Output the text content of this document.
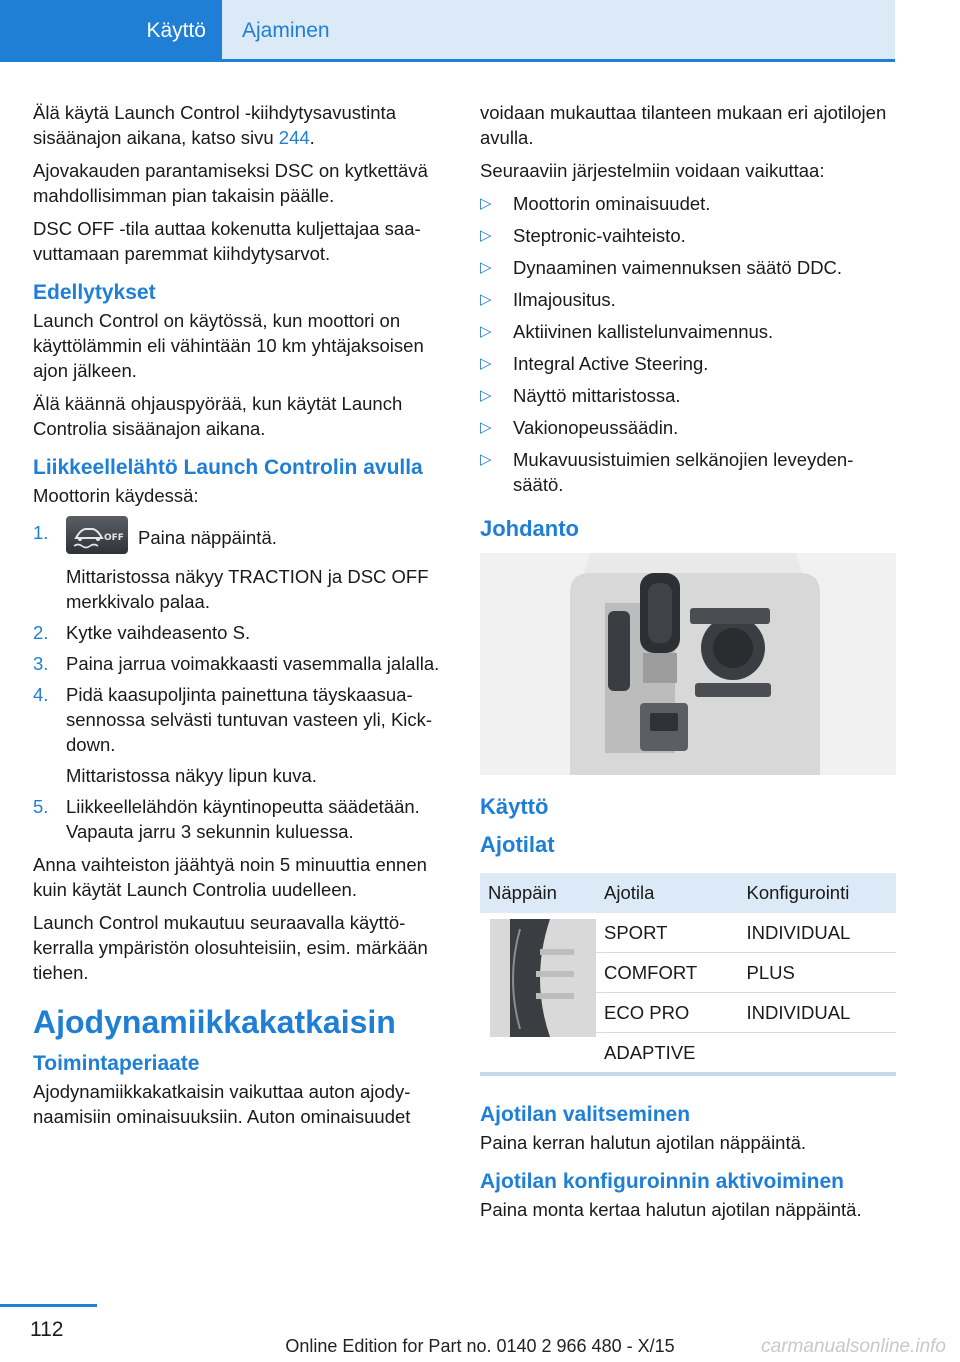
Käyttö	Ajaminen

Älä käytä Launch Control -kiihdytysavustinta sisäänajon aikana, katso sivu 244.

Ajovakauden parantamiseksi DSC on kytkettävä mahdollisimman pian takaisin päälle.

DSC OFF -tila auttaa kokenutta kuljettajaa saavuttamaan paremmat kiihdytysarvot.

Edellytykset

Launch Control on käytössä, kun moottori on käyttölämmin eli vähintään 10 km yhtäjaksoisen ajon jälkeen.

Älä käännä ohjauspyörää, kun käytät Launch Controlia sisäänajon aikana.

Liikkeellelähtö Launch Controlin avulla

Moottorin käydessä:

1.	OFF Paina näppäintä.
Mittaristossa näkyy TRACTION ja DSC OFF merkkivalo palaa.
2. Kytke vaihdeasento S.
3. Paina jarrua voimakkaasti vasemmalla jalalla.
4. Pidä kaasupoljinta painettuna täyskaasuasennossa selvästi tuntuvan vasteen yli, Kick-down.
Mittaristossa näkyy lipun kuva.
5. Liikkeellelähdön käyntinopeutta säädetään. Vapauta jarru 3 sekunnin kuluessa.

Anna vaihteiston jäähtyä noin 5 minuuttia ennen kuin käytät Launch Controlia uudelleen.

Launch Control mukautuu seuraavalla käyttökerralla ympäristön olosuhteisiin, esim. märkään tiehen.

Ajodynamiikkakatkaisin
Toimintaperiaate

Ajodynamiikkakatkaisin vaikuttaa auton ajodynaamisiin ominaisuuksiin. Auton ominaisuudet

voidaan mukauttaa tilanteen mukaan eri ajotilojen avulla.

Seuraaviin järjestelmiin voidaan vaikuttaa:

▷ Moottorin ominaisuudet.
▷ Steptronic-vaihteisto.
▷ Dynaaminen vaimennuksen säätö DDC.
▷ Ilmajousitus.
▷ Aktiivinen kallistelunvaimennus.
▷ Integral Active Steering.
▷ Näyttö mittaristossa.
▷ Vakionopeussäädin.
▷ Mukavuusistuimien selkänojien leveydensäätö.
Johdanto
Käyttö
Ajotilat
Näppäin	Ajotila	Konfigurointi

	SPORT	INDIVIDUAL
	COMFORT	PLUS
	ECO PRO	INDIVIDUAL
	ADAPTIVE	
Ajotilan valitseminen

Paina kerran halutun ajotilan näppäintä.

Ajotilan konfiguroinnin aktivoiminen

Paina monta kertaa halutun ajotilan näppäintä.

112
Online Edition for Part no. 0140 2 966 480 - X/15	carmanualsonline.info
